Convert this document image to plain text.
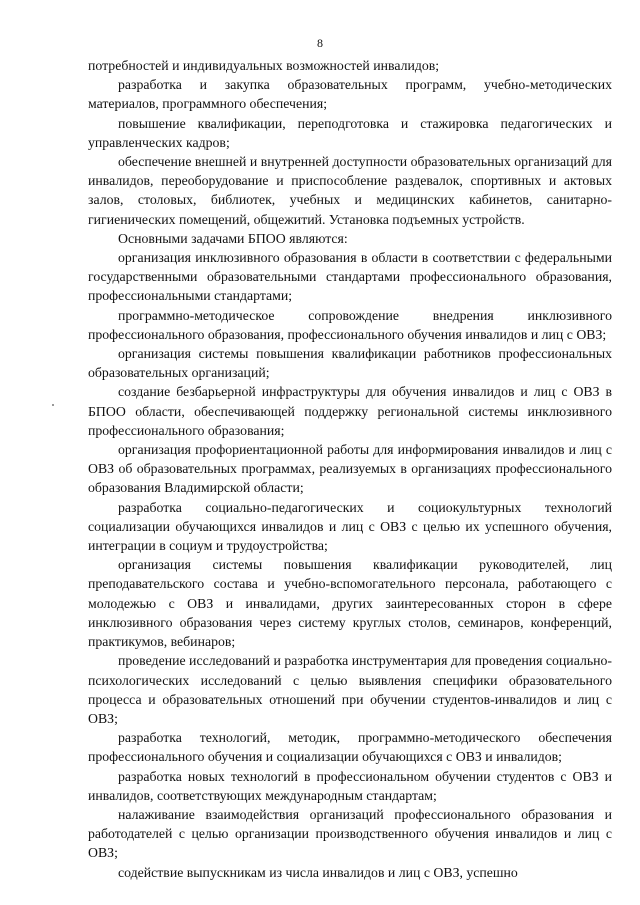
8

потребностей и индивидуальных возможностей инвалидов;

разработка и закупка образовательных программ, учебно-методических материалов, программного обеспечения;

повышение квалификации, переподготовка и стажировка педагогических и управленческих кадров;

обеспечение внешней и внутренней доступности образовательных организаций для инвалидов, переоборудование и приспособление раздевалок, спортивных и актовых залов, столовых, библиотек, учебных и медицинских кабинетов, санитарно-гигиенических помещений, общежитий. Установка подъемных устройств.

Основными задачами БПОО являются:

организация инклюзивного образования в области в соответствии с федеральными государственными образовательными стандартами профессионального образования, профессиональными стандартами;

программно-методическое сопровождение внедрения инклюзивного профессионального образования, профессионального обучения инвалидов и лиц с ОВЗ;

организация системы повышения квалификации работников профессиональных образовательных организаций;

создание безбарьерной инфраструктуры для обучения инвалидов и лиц с ОВЗ в БПОО области, обеспечивающей поддержку региональной системы инклюзивного профессионального образования;

организация профориентационной работы для информирования инвалидов и лиц с ОВЗ об образовательных программах, реализуемых в организациях профессионального образования Владимирской области;

разработка социально-педагогических и социокультурных технологий социализации обучающихся инвалидов и лиц с ОВЗ с целью их успешного обучения, интеграции в социум и трудоустройства;

организация системы повышения квалификации руководителей, лиц преподавательского состава и учебно-вспомогательного персонала, работающего с молодежью с ОВЗ и инвалидами, других заинтересованных сторон в сфере инклюзивного образования через систему круглых столов, семинаров, конференций, практикумов, вебинаров;

проведение исследований и разработка инструментария для проведения социально-психологических исследований с целью выявления специфики образовательного процесса и образовательных отношений при обучении студентов-инвалидов и лиц с ОВЗ;

разработка технологий, методик, программно-методического обеспечения профессионального обучения и социализации обучающихся с ОВЗ и инвалидов;

разработка новых технологий в профессиональном обучении студентов с ОВЗ и инвалидов, соответствующих международным стандартам;

налаживание взаимодействия организаций профессионального образования и работодателей с целью организации производственного обучения инвалидов и лиц с ОВЗ;

содействие выпускникам из числа инвалидов и лиц с ОВЗ, успешно
